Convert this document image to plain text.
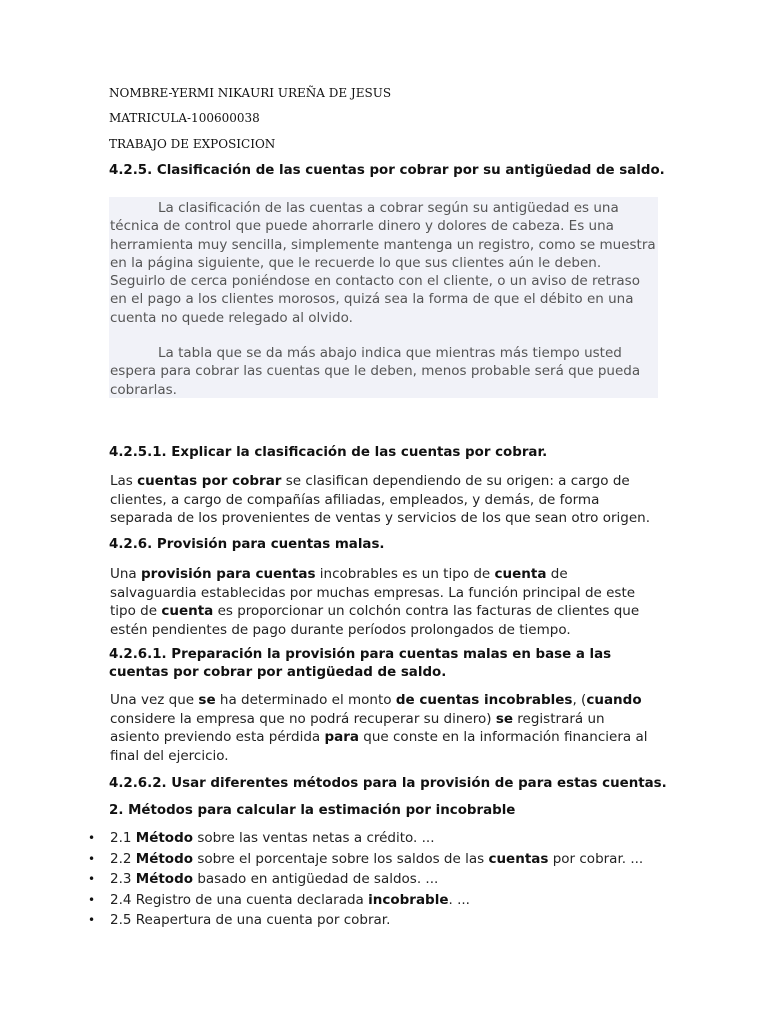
NOMBRE-YERMI NIKAURI UREÑA DE JESUS
MATRICULA-100600038
TRABAJO DE EXPOSICION
4.2.5. Clasificación de las cuentas por cobrar por su antigüedad de saldo.
La clasificación de las cuentas a cobrar según su antigüedad es una técnica de control que puede ahorrarle dinero y dolores de cabeza. Es una herramienta muy sencilla, simplemente mantenga un registro, como se muestra en la página siguiente, que le recuerde lo que sus clientes aún le deben. Seguirlo de cerca poniéndose en contacto con el cliente, o un aviso de retraso en el pago a los clientes morosos, quizá sea la forma de que el débito en una cuenta no quede relegado al olvido.
La tabla que se da más abajo indica que mientras más tiempo usted espera para cobrar las cuentas que le deben, menos probable será que pueda cobrarlas.
4.2.5.1. Explicar la clasificación de las cuentas por cobrar.
Las cuentas por cobrar se clasifican dependiendo de su origen: a cargo de clientes, a cargo de compañías afiliadas, empleados, y demás, de forma separada de los provenientes de ventas y servicios de los que sean otro origen.
4.2.6. Provisión para cuentas malas.
Una provisión para cuentas incobrables es un tipo de cuenta de salvaguardia establecidas por muchas empresas. La función principal de este tipo de cuenta es proporcionar un colchón contra las facturas de clientes que estén pendientes de pago durante períodos prolongados de tiempo.
4.2.6.1. Preparación la provisión para cuentas malas en base a las cuentas por cobrar por antigüedad de saldo.
Una vez que se ha determinado el monto de cuentas incobrables, (cuando considere la empresa que no podrá recuperar su dinero) se registrará un asiento previendo esta pérdida para que conste en la información financiera al final del ejercicio.
4.2.6.2. Usar diferentes métodos para la provisión de para estas cuentas.
2. Métodos para calcular la estimación por incobrable
• 2.1 Método sobre las ventas netas a crédito. ...
• 2.2 Método sobre el porcentaje sobre los saldos de las cuentas por cobrar. ...
• 2.3 Método basado en antigüedad de saldos. ...
• 2.4 Registro de una cuenta declarada incobrable. ...
• 2.5 Reapertura de una cuenta por cobrar.
